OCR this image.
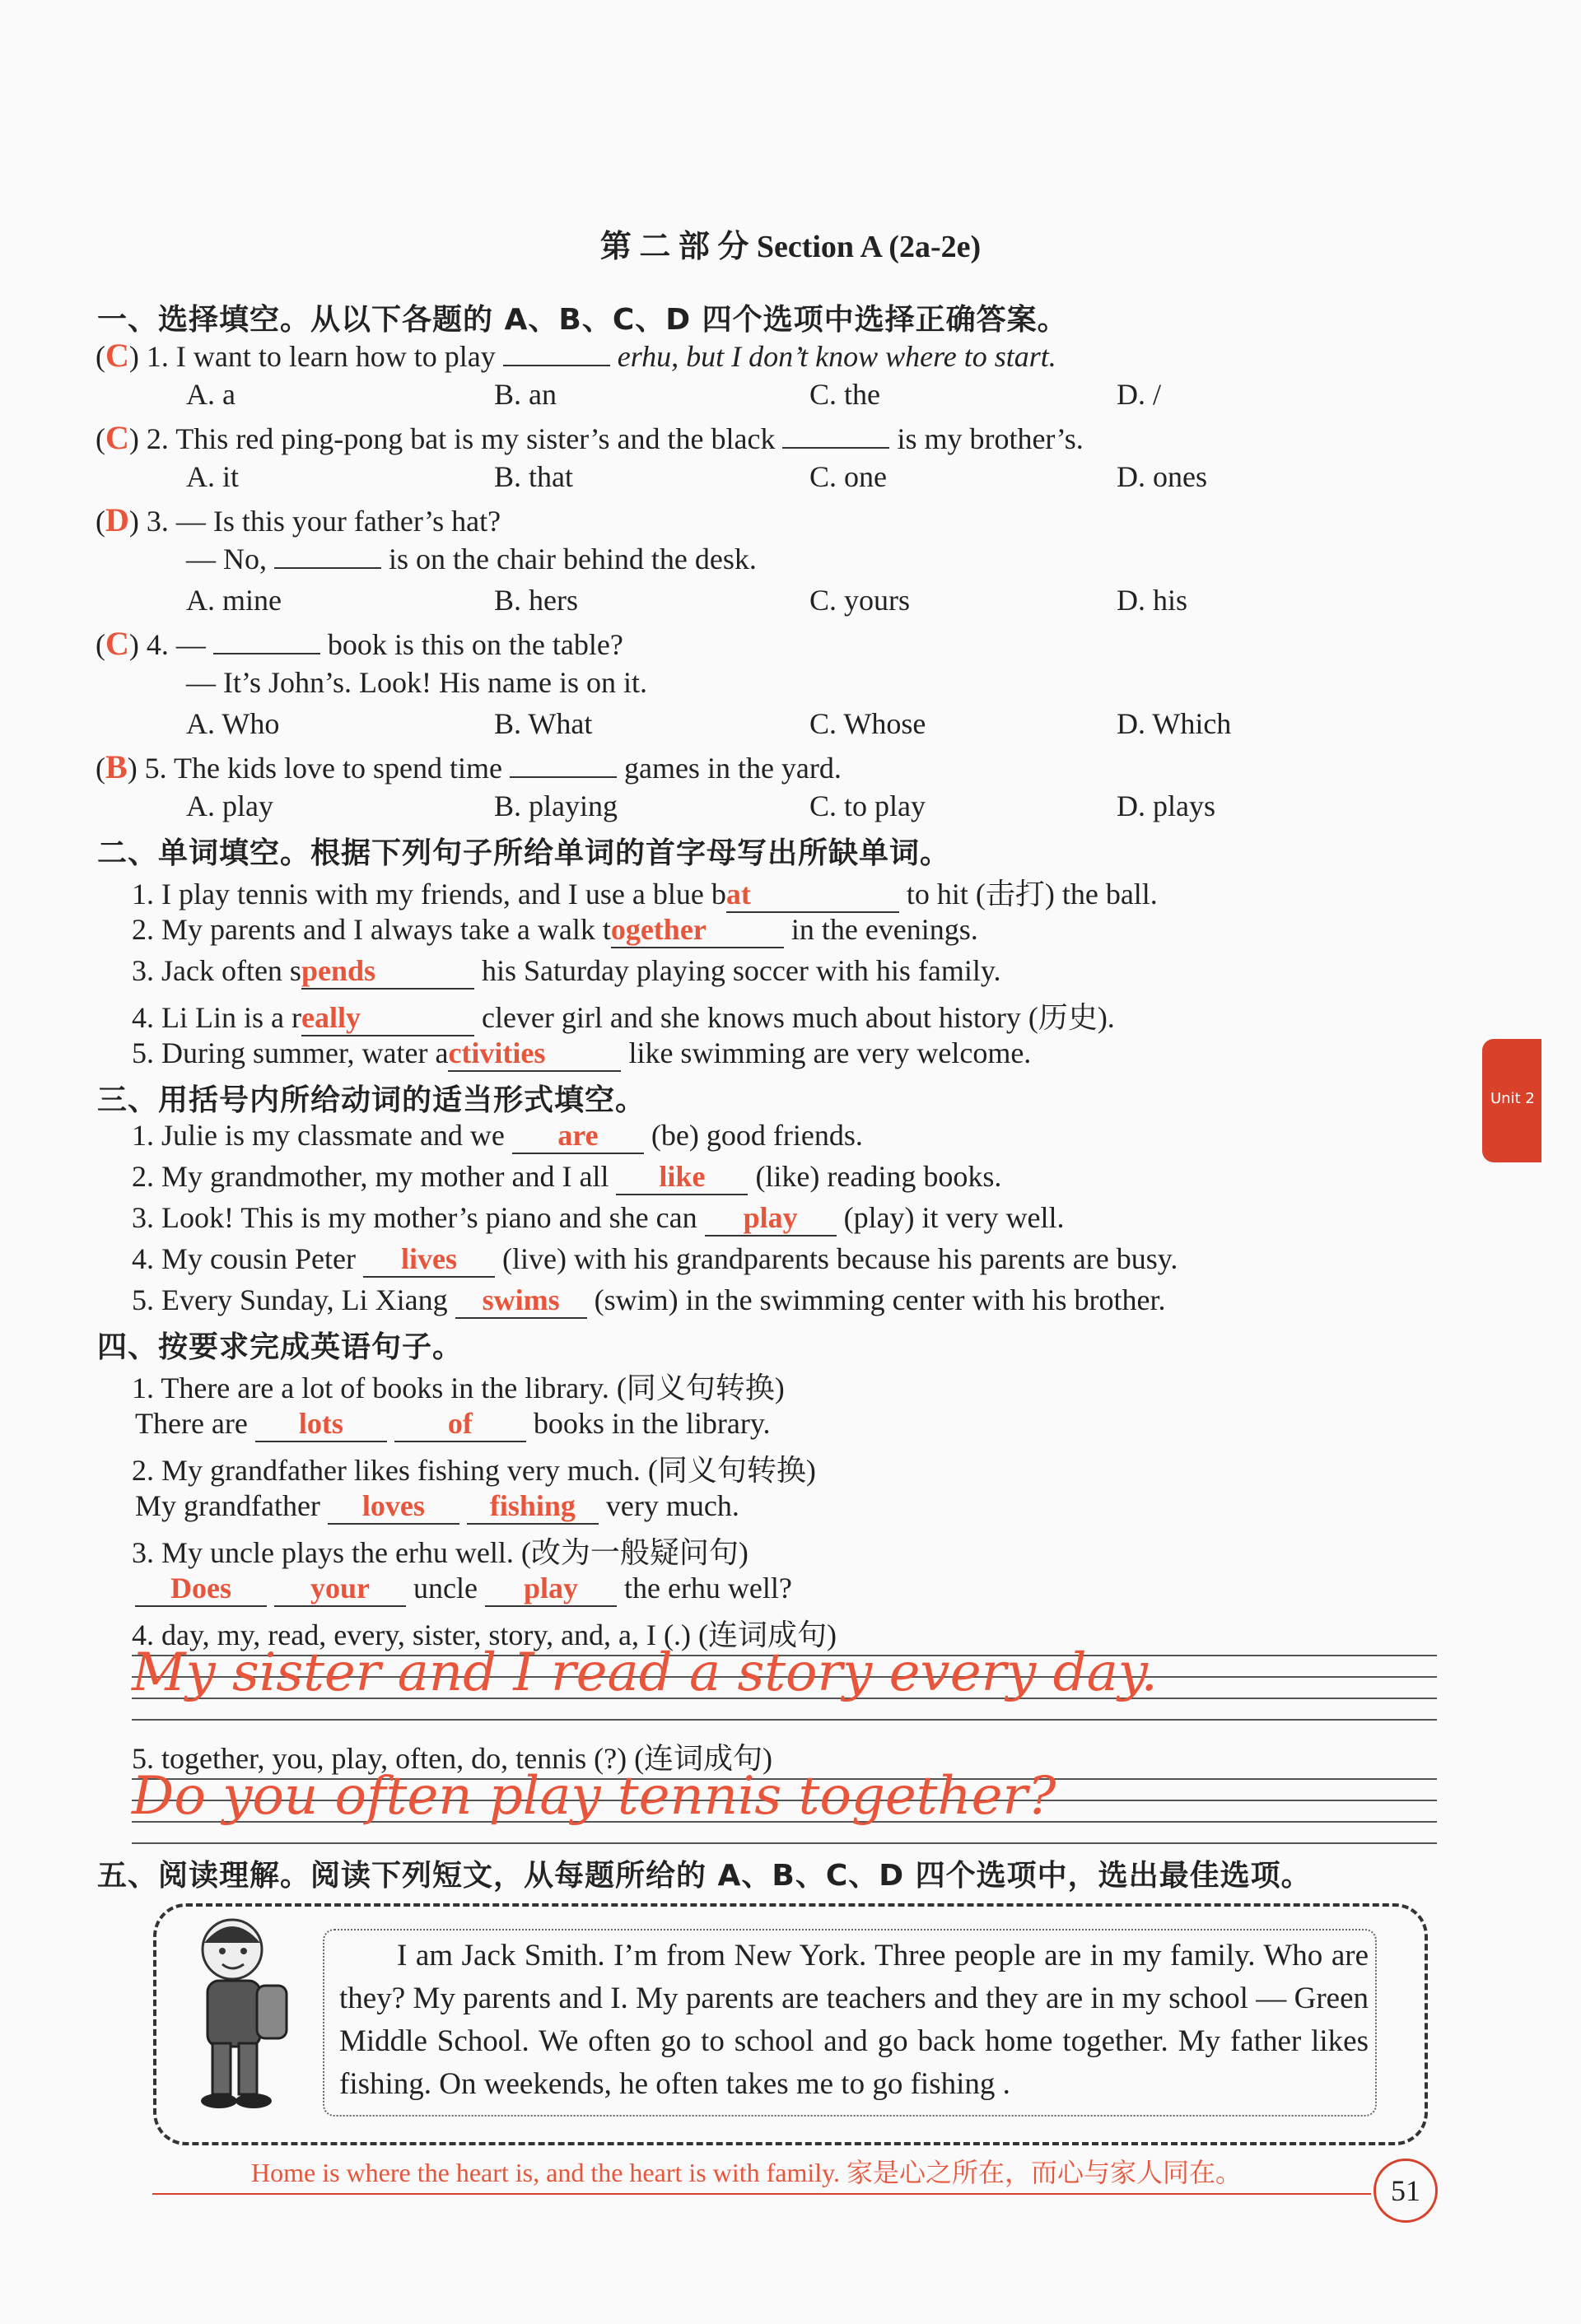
第 二 部 分 Section A (2a-2e)
一、选择填空。从以下各题的 A、B、C、D 四个选项中选择正确答案。
(C) 1. I want to learn how to play	erhu, but I don’t know where to start.
A. a	B. an	C. the	D. /
(C) 2. This red ping-pong bat is my sister’s and the black	is my brother’s.
A. it	B. that	C. one	D. ones
(D) 3. — Is this your father’s hat?
— No,	is on the chair behind the desk.
A. mine	B. hers	C. yours	D. his
(C) 4. —	book is this on the table?
— It’s John’s. Look! His name is on it.
A. Who	B. What	C. Whose	D. Which
(B) 5. The kids love to spend time	games in the yard.
A. play	B. playing	C. to play	D. plays
二、单词填空。根据下列句子所给单词的首字母写出所缺单词。
1. I play tennis with my friends, and I use a blue bat	to hit (击打) the ball.
2. My parents and I always take a walk together	in the evenings.
3. Jack often spends	his Saturday playing soccer with his family.
4. Li Lin is a really	clever girl and she knows much about history (历史).
5. During summer, water activities	like swimming are very welcome.
三、用括号内所给动词的适当形式填空。
1. Julie is my classmate and we are (be) good friends.
2. My grandmother, my mother and I all like (like) reading books.
3. Look! This is my mother’s piano and she can play (play) it very well.
4. My cousin Peter lives (live) with his grandparents because his parents are busy.
5. Every Sunday, Li Xiang swims (swim) in the swimming center with his brother.
四、按要求完成英语句子。
1. There are a lot of books in the library. (同义句转换)
There are lots	of books in the library.
2. My grandfather likes fishing very much. (同义句转换)
My grandfather loves fishing very much.
3. My uncle plays the erhu well. (改为一般疑问句)
Does	your uncle play the erhu well?
4. day, my, read, every, sister, story, and, a, I (.) (连词成句)
My sister and I read a story every day.
5. together, you, play, often, do, tennis (?) (连词成句)
Do you often play tennis together?
五、阅读理解。阅读下列短文，从每题所给的 A、B、C、D 四个选项中，选出最佳选项。
I am Jack Smith. I’m from New York. Three people are in my family. Who are they? My parents and I. My parents are teachers and they are in my school — Green Middle School. We often go to school and go back home together. My father likes fishing. On weekends, he often takes me to go fishing .
Unit 2
Home is where the heart is, and the heart is with family. 家是心之所在，而心与家人同在。
51
